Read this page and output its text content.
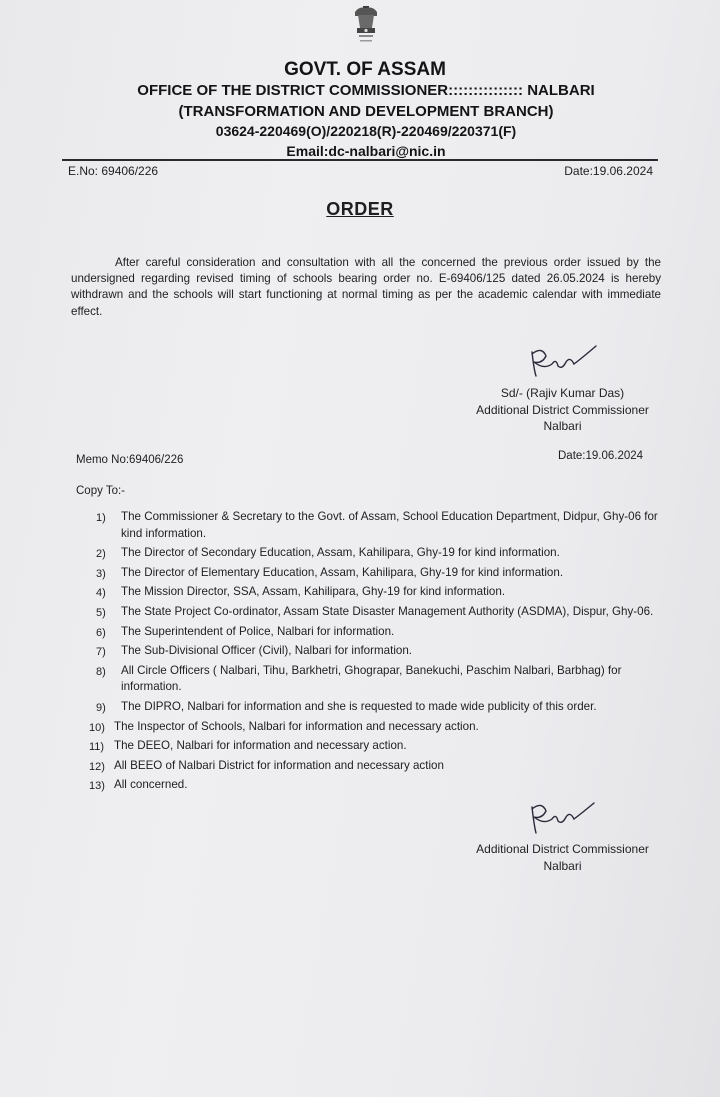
GOVT. OF ASSAM
OFFICE OF THE DISTRICT COMMISSIONER::::::::::::::: NALBARI
(TRANSFORMATION AND DEVELOPMENT BRANCH)
03624-220469(O)/220218(R)-220469/220371(F)
Email:dc-nalbari@nic.in
E.No: 69406/226	Date:19.06.2024
ORDER
After careful consideration and consultation with all the concerned the previous order issued by the undersigned regarding revised timing of schools bearing order no. E-69406/125 dated 26.05.2024 is hereby withdrawn and the schools will start functioning at normal timing as per the academic calendar with immediate effect.
Sd/- (Rajiv Kumar Das)
Additional District Commissioner
Nalbari
Memo No:69406/226	Date:19.06.2024
Copy To:-
1)	The Commissioner & Secretary to the Govt. of Assam, School Education Department, Didpur, Ghy-06 for kind information.
2)	The Director of Secondary Education, Assam, Kahilipara, Ghy-19 for kind information.
3)	The Director of Elementary Education, Assam, Kahilipara, Ghy-19 for kind information.
4)	The Mission Director, SSA, Assam, Kahilipara, Ghy-19 for kind information.
5)	The State Project Co-ordinator, Assam State Disaster Management Authority (ASDMA), Dispur, Ghy-06.
6)	The Superintendent of Police, Nalbari for information.
7)	The Sub-Divisional Officer (Civil), Nalbari for information.
8)	All Circle Officers ( Nalbari, Tihu, Barkhetri, Ghograpar, Banekuchi, Paschim Nalbari, Barbhag) for information.
9)	The DIPRO, Nalbari for information and she is requested to made wide publicity of this order.
10) The Inspector of Schools, Nalbari for information and necessary action.
11) The DEEO, Nalbari for information and necessary action.
12) All BEEO of Nalbari District for information and necessary action
13) All concerned.
Additional District Commissioner
Nalbari
